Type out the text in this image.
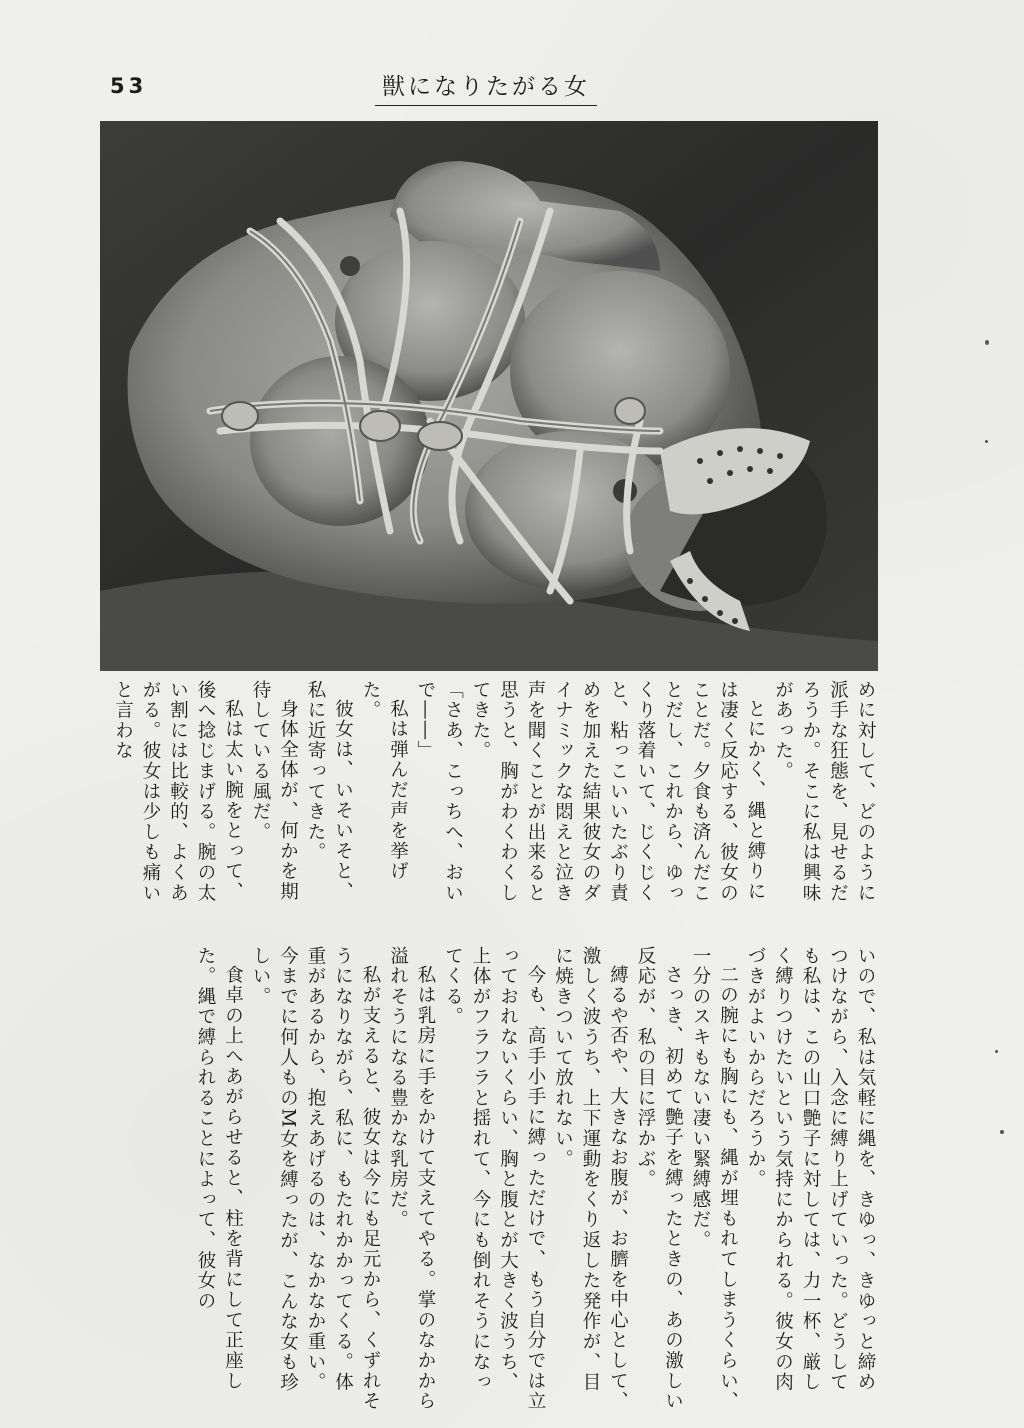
53	獣になりたがる女

めに対して、どのように派手な狂態を、見せるだろうか。そこに私は興味があった。

とにかく、縄と縛りには凄く反応する、彼女のことだ。夕食も済んだことだし、これから、ゆっくり落着いて、じくじくと、粘っこいいたぶり責めを加えた結果彼女のダイナミックな悶えと泣き声を聞くことが出来ると思うと、胸がわくわくしてきた。

「さあ、こっちへ、おいで――」

私は弾んだ声を挙げた。

彼女は、いそいそと、私に近寄ってきた。

身体全体が、何かを期待している風だ。

私は太い腕をとって、後へ捻じまげる。腕の太い割には比較的、よくあがる。彼女は少しも痛いと言わな

いので、私は気軽に縄を、きゆっ、きゆっと締めつけながら、入念に縛り上げていった。どうしても私は、この山口艶子に対しては、力一杯、厳しく縛りつけたいという気持にかられる。彼女の肉づきがよいからだろうか。

二の腕にも胸にも、縄が埋もれてしまうくらい、一分のスキもない凄い緊縛感だ。

さっき、初めて艶子を縛ったときの、あの激しい反応が、私の目に浮かぶ。

縛るや否や、大きなお腹が、お臍を中心として、激しく波うち、上下運動をくり返した発作が、目に焼きついて放れない。

今も、高手小手に縛っただけで、もう自分では立っておれないくらい、胸と腹とが大きく波うち、上体がフラフラと揺れて、今にも倒れそうになってくる。

私は乳房に手をかけて支えてやる。掌のなかから溢れそうになる豊かな乳房だ。

私が支えると、彼女は今にも足元から、くずれそうになりながら、私に、もたれかかってくる。体重があるから、抱えあげるのは、なかなか重い。今までに何人ものM女を縛ったが、こんな女も珍しい。

食卓の上へあがらせると、柱を背にして正座した。縄で縛られることによって、彼女の
